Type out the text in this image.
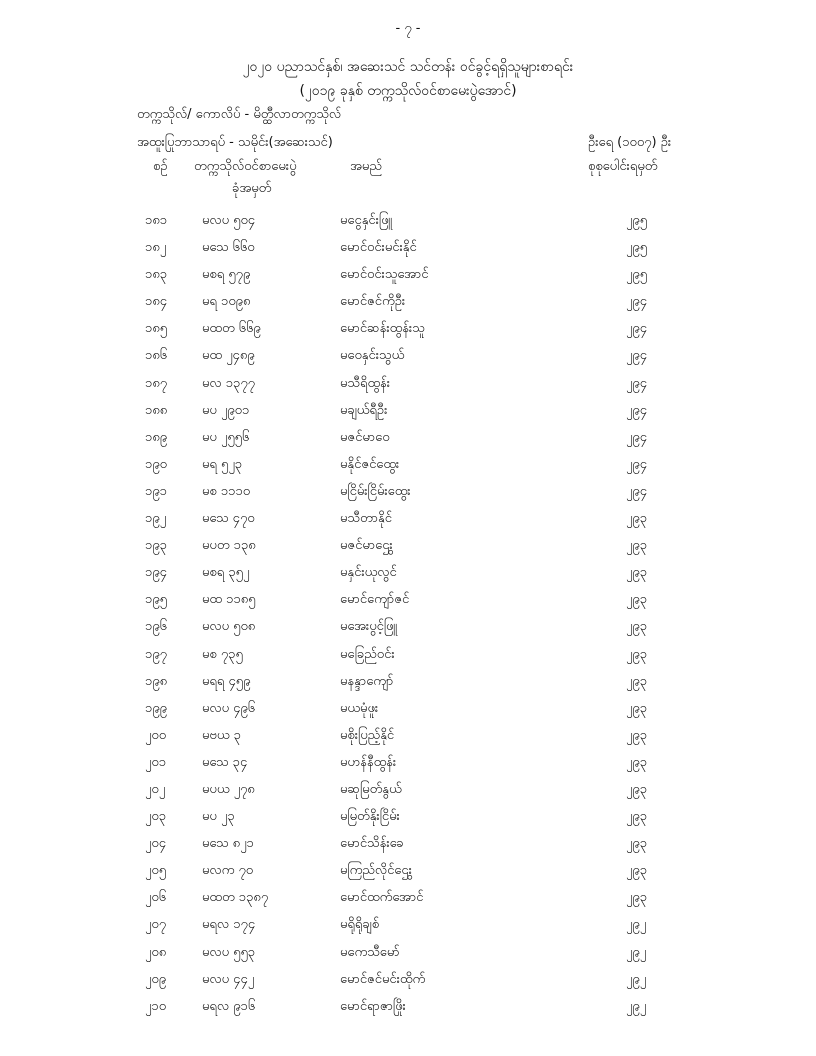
- ၇ -
၂၀၂၀ ပညာသင်နှစ်၊ အဆေးသင် သင်တန်း ဝင်ခွင့်ရရှိသူများစာရင်း
(၂၀၁၉ ခုနှစ် တက္ကသိုလ်ဝင်စာမေးပွဲအောင်)
တက္ကသိုလ်/ ကောလိပ် - မိတ္ထီလာတက္ကသိုလ်
အထူးပြုဘာသာရပ် - သမိုင်း(အဆေးသင်)	ဦးရေ (၁၀၀၇) ဦး
စဉ် တက္ကသိုလ်ဝင်စာမေးပွဲ
ခုံအမှတ်
အမည်	စုစုပေါင်းရမှတ်
၁၈၁	မလပ ၅၀၄	မငွေနှင်းဖြူ	၂၉၅
၁၈၂	မသေ ၆၆၀	မောင်ဝင်းမင်းနိုင်	၂၉၅
၁၈၃	မစရ ၅၇၉	မောင်ဝင်းသူအောင်	၂၉၅
၁၈၄	မရ ၁၀၉၈	မောင်ဇင်ကိုဦး	၂၉၄
၁၈၅	မထတ ၆၆၉	မောင်ဆန်းထွန်းသူ	၂၉၄
၁၈၆	မထ ၂၄၈၉	မဝေနှင်းသွယ်	၂၉၄
၁၈၇	မလ ၁၃၇၇	မသီရိထွန်း	၂၉၄
၁၈၈	မပ ၂၉၀၁	မချယ်ရီဦး	၂၉၄
၁၈၉	မပ ၂၅၅၆	မဇင်မာဝေ	၂၉၄
၁၉၀	မရ ၅၂၃	မနိုင်ဇင်ထွေး	၂၉၄
၁၉၁	မစ ၁၁၁၀	မငြိမ်းငြိမ်းထွေး	၂၉၄
၁၉၂	မသေ ၄၇၀	မသီတာနိုင်	၂၉၃
၁၉၃	မပတ ၁၃၈	မဇင်မာဌွေး	၂၉၃
၁၉၄	မစရ ၃၅၂	မနှင်းယုလွင်	၂၉၃
၁၉၅	မထ ၁၁၈၅	မောင်ကျော်ဇင်	၂၉၃
၁၉၆	မလပ ၅၀၈	မအေးပွင့်ဖြူ	၂၉၃
၁၉၇	မစ ၇၃၅	မခြေည်ဝင်း	၂၉၃
၁၉၈	မရရ ၄၅၉	မနန္ဒာကျော်	၂၉၃
၁၉၉	မလပ ၄၉၆	မယမုံဖူး	၂၉၃
၂၀၀	မဗယ ၃	မစိုးပြည့်နိုင်	၂၉၃
၂၀၁	မသေ ၃၄	မဟန်နီထွန်း	၂၉၃
၂၀၂	မပယ ၂၇၈	မဆုမြတ်နွယ်	၂၉၃
၂၀၃	မပ ၂၃	မမြတ်နိုးငြိမ်း	၂၉၃
၂၀၄	မသေ ၈၂၁	မောင်သိန်းခေ	၂၉၃
၂၀၅	မလက ၇၀	မကြည်လိုင်ဌွေး	၂၉၃
၂၀၆	မထတ ၁၃၈၇	မောင်ထက်အောင်	၂၉၃
၂၀၇	မရလ ၁၇၄	မရိုရိုချစ်	၂၉၂
၂၀၈	မလပ ၅၅၃	မကေသီမော်	၂၉၂
၂၀၉	မလပ ၄၄၂	မောင်ဇင်မင်းထိုက်	၂၉၂
၂၁၀	မရလ ၉၁၆	မောင်ရာဇာဖြိုး	၂၉၂
